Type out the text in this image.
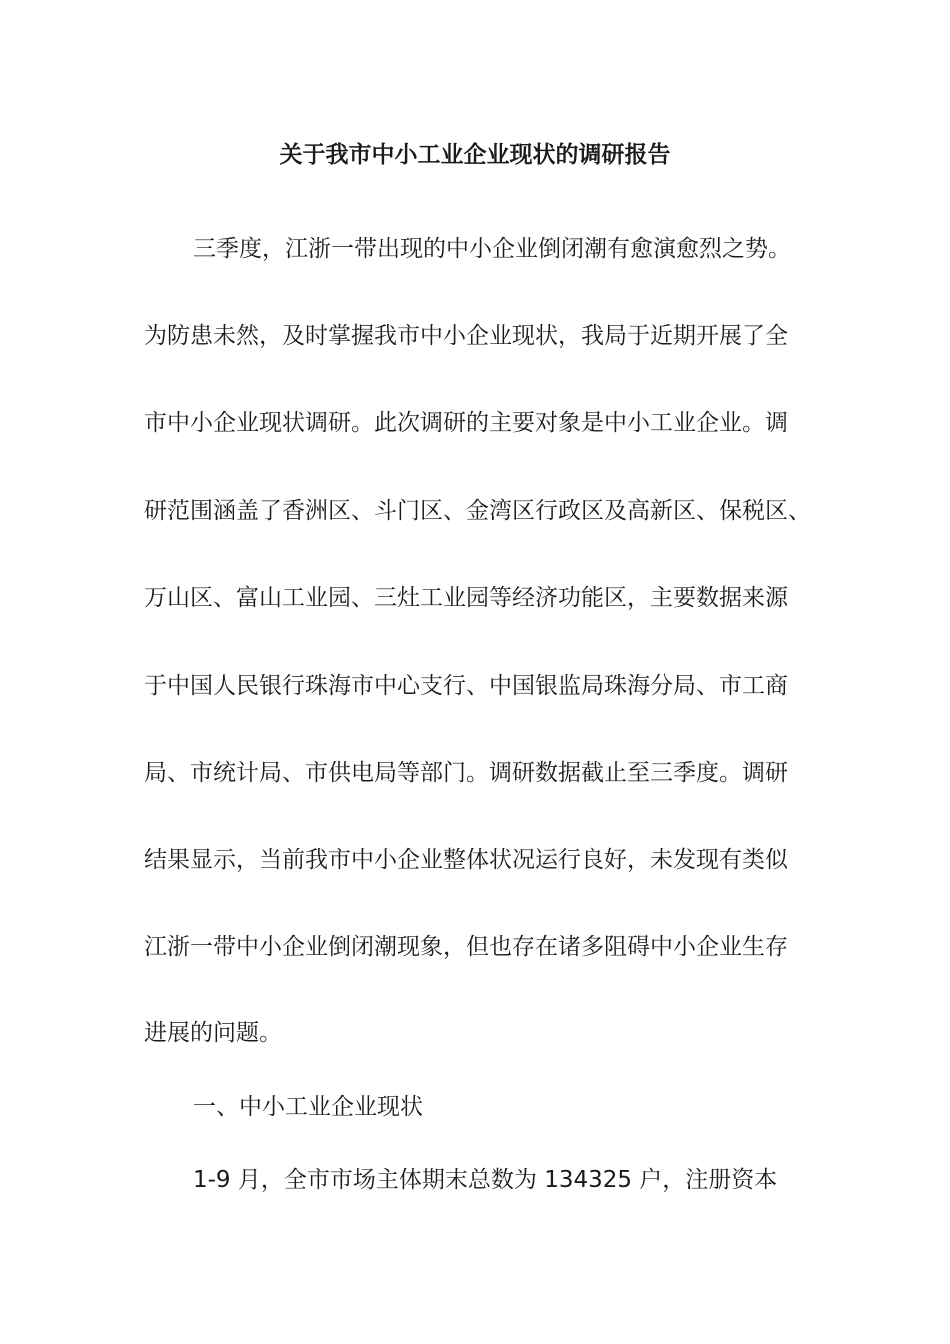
关于我市中小工业企业现状的调研报告
三季度，江浙一带出现的中小企业倒闭潮有愈演愈烈之势。
为防患未然，及时掌握我市中小企业现状，我局于近期开展了全
市中小企业现状调研。此次调研的主要对象是中小工业企业。调
研范围涵盖了香洲区、斗门区、金湾区行政区及高新区、保税区、
万山区、富山工业园、三灶工业园等经济功能区，主要数据来源
于中国人民银行珠海市中心支行、中国银监局珠海分局、市工商
局、市统计局、市供电局等部门。调研数据截止至三季度。调研
结果显示，当前我市中小企业整体状况运行良好，未发现有类似
江浙一带中小企业倒闭潮现象，但也存在诸多阻碍中小企业生存
进展的问题。
一、中小工业企业现状
1-9 月，全市市场主体期末总数为 134325 户，注册资本
